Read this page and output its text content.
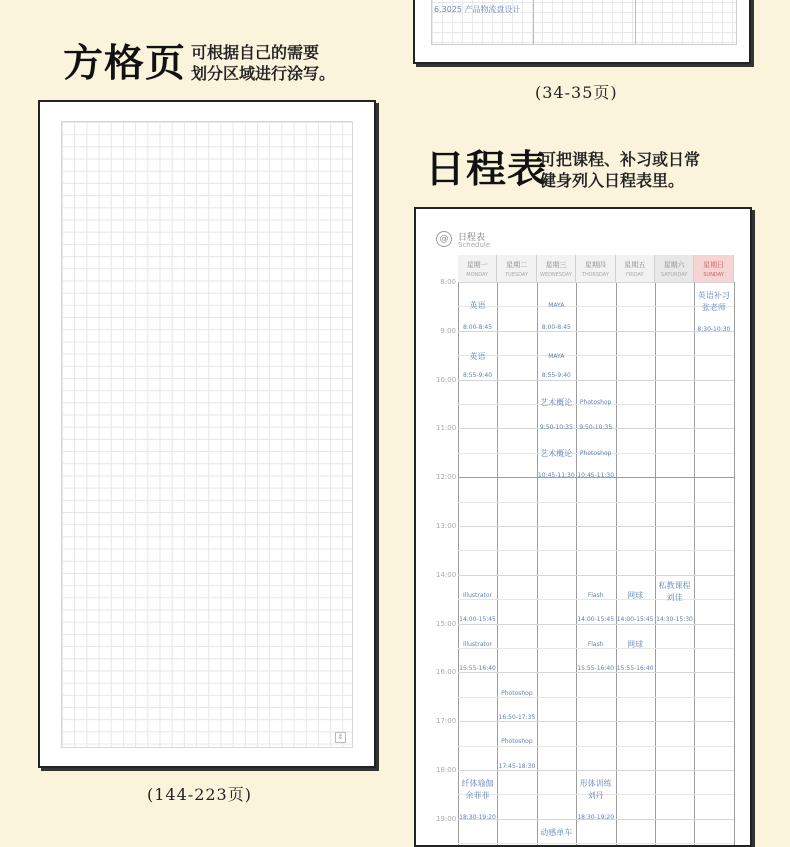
6.3025 产品物流盘设计
(34-35页)
方格页 可根据自己的需要
划分区域进行涂写。
⇕
(144-223页)
日程表
可把课程、补习或日常
健身列入日程表里。
@	日程表
Schedule
星期一
MONDAY
星期二
TUESDAY
星期三
WEDNESDAY
星期四
THURSDAY
星期五
FRIDAY
星期六
SATURDAY
星期日
SUNDAY
8:00
9:00
10:00
11:00
12:00
13:00
14:00
15:00
16:00
17:00
18:00
19:00
英语
8:00-8:45
英语
8:55-9:40
MAYA
8:00-8:45
MAYA
8:55-9:40
艺术概论
9:50-10:35
艺术概论
10:45-11:30
Photoshop
9:50-10:35
Photoshop
10:45-11:30
英语补习
张老师
8:30-10:30
Illustrator
14:00-15:45
Illustrator
15:55-16:40
Flash
14:00-15:45
Flash
15:55-16:40
网球
14:00-15:45
网球
15:55-16:40
私教课程
刘佳
14:30-15:30
Photoshop
16:50-17:35
Photoshop
17:45-18:30
纤体瑜伽
余菲菲
18:30-19:20
形体训练
刘丹
18:30-19:20
动感单车
